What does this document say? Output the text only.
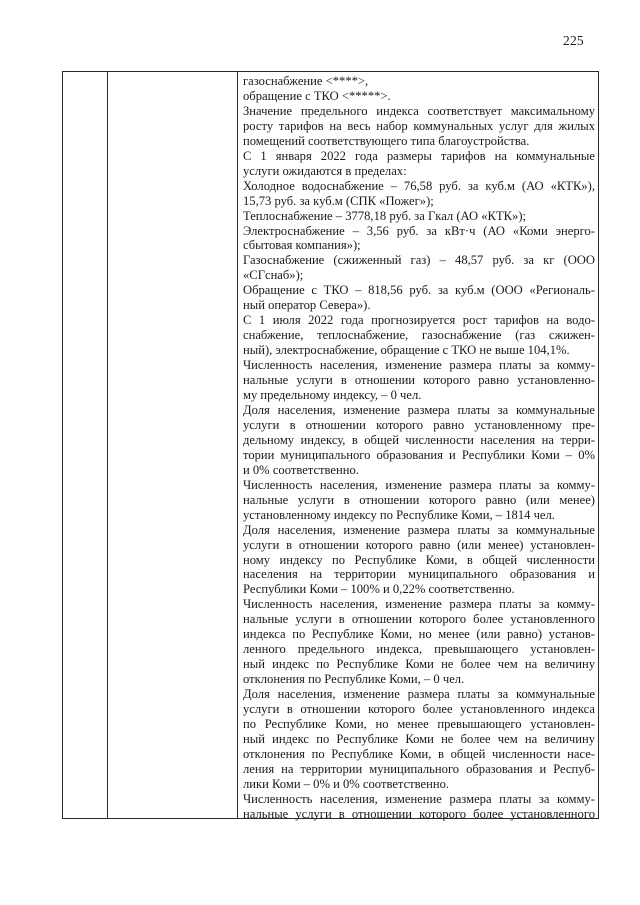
225
газоснабжение <****>,
обращение с ТКО <*****>.
Значение предельного индекса соответствует максимальному
росту тарифов на весь набор коммунальных услуг для жилых
помещений соответствующего типа благоустройства.
С 1 января 2022 года размеры тарифов на коммунальные
услуги ожидаются в пределах:
Холодное водоснабжение – 76,58 руб. за куб.м (АО «КТК»),
15,73 руб. за куб.м (СПК «Пожег»);
Теплоснабжение – 3778,18 руб. за Гкал (АО «КТК»);
Электроснабжение – 3,56 руб. за кВт·ч (АО «Коми энерго-
сбытовая компания»);
Газоснабжение (сжиженный газ) – 48,57 руб. за кг (ООО
«СГснаб»);
Обращение с ТКО – 818,56 руб. за куб.м (ООО «Региональ-
ный оператор Севера»).
С 1 июля 2022 года прогнозируется рост тарифов на водо-
снабжение, теплоснабжение, газоснабжение (газ сжижен-
ный), электроснабжение, обращение с ТКО не выше 104,1%.
Численность населения, изменение размера платы за комму-
нальные услуги в отношении которого равно установленно-
му предельному индексу, – 0 чел.
Доля населения, изменение размера платы за коммунальные
услуги в отношении которого равно установленному пре-
дельному индексу, в общей численности населения на терри-
тории муниципального образования и Республики Коми – 0%
и 0% соответственно.
Численность населения, изменение размера платы за комму-
нальные услуги в отношении которого равно (или менее)
установленному индексу по Республике Коми, – 1814 чел.
Доля населения, изменение размера платы за коммунальные
услуги в отношении которого равно (или менее) установлен-
ному индексу по Республике Коми, в общей численности
населения на территории муниципального образования и
Республики Коми – 100% и 0,22% соответственно.
Численность населения, изменение размера платы за комму-
нальные услуги в отношении которого более установленного
индекса по Республике Коми, но менее (или равно) установ-
ленного предельного индекса, превышающего установлен-
ный индекс по Республике Коми не более чем на величину
отклонения по Республике Коми, – 0 чел.
Доля населения, изменение размера платы за коммунальные
услуги в отношении которого более установленного индекса
по Республике Коми, но менее превышающего установлен-
ный индекс по Республике Коми не более чем на величину
отклонения по Республике Коми, в общей численности насе-
ления на территории муниципального образования и Респуб-
лики Коми – 0% и 0% соответственно.
Численность населения, изменение размера платы за комму-
нальные услуги в отношении которого более установленного
